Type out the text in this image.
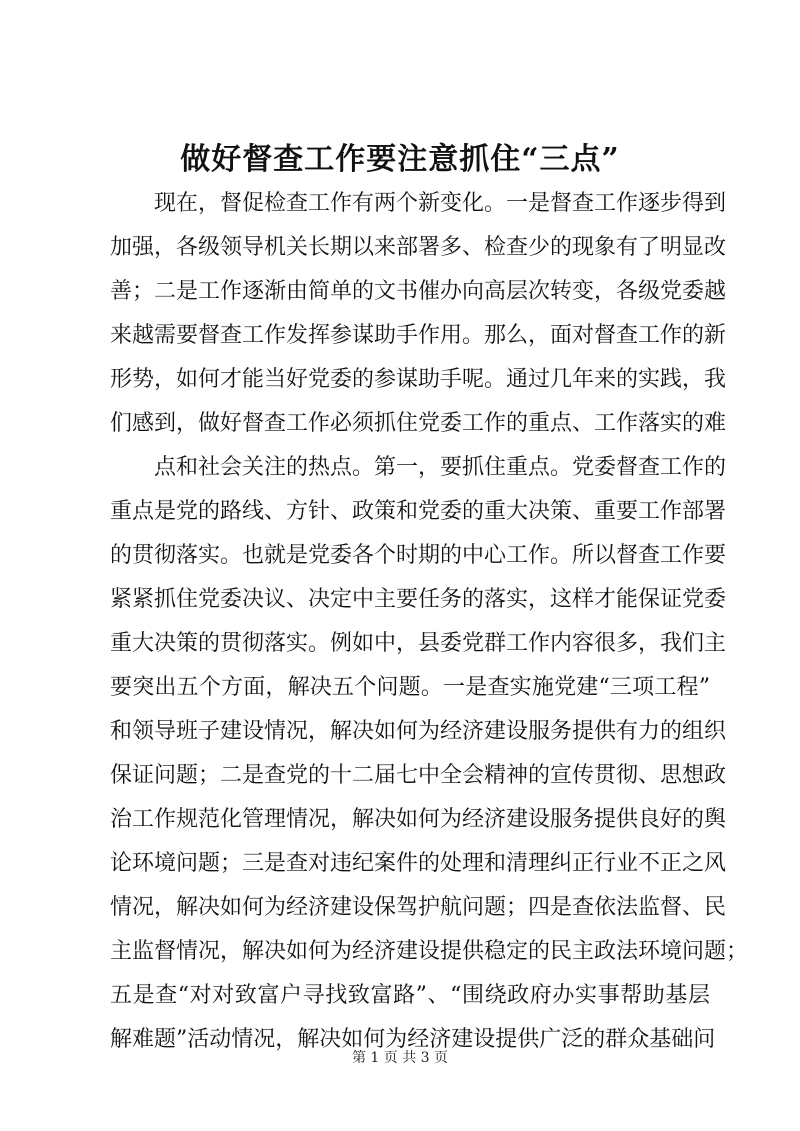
做好督查工作要注意抓住“三点”
现在，督促检查工作有两个新变化。一是督查工作逐步得到
加强，各级领导机关长期以来部署多、检查少的现象有了明显改
善；二是工作逐渐由简单的文书催办向高层次转变，各级党委越
来越需要督查工作发挥参谋助手作用。那么，面对督查工作的新
形势，如何才能当好党委的参谋助手呢。通过几年来的实践，我
们感到，做好督查工作必须抓住党委工作的重点、工作落实的难
点和社会关注的热点。第一，要抓住重点。党委督查工作的
重点是党的路线、方针、政策和党委的重大决策、重要工作部署
的贯彻落实。也就是党委各个时期的中心工作。所以督查工作要
紧紧抓住党委决议、决定中主要任务的落实，这样才能保证党委
重大决策的贯彻落实。例如中，县委党群工作内容很多，我们主
要突出五个方面，解决五个问题。一是查实施党建“三项工程”
和领导班子建设情况，解决如何为经济建设服务提供有力的组织
保证问题；二是查党的十二届七中全会精神的宣传贯彻、思想政
治工作规范化管理情况，解决如何为经济建设服务提供良好的舆
论环境问题；三是查对违纪案件的处理和清理纠正行业不正之风
情况，解决如何为经济建设保驾护航问题；四是查依法监督、民
主监督情况，解决如何为经济建设提供稳定的民主政法环境问题；
五是查“对对致富户寻找致富路”、“围绕政府办实事帮助基层
解难题”活动情况，解决如何为经济建设提供广泛的群众基础问
第 1 页 共 3 页
